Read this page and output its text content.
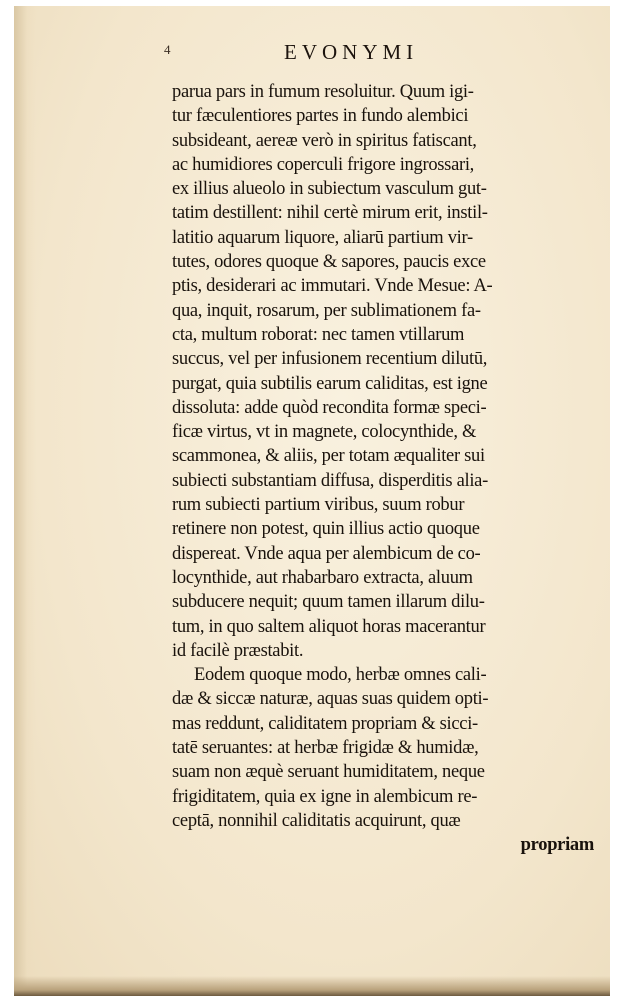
4	EVONYMI
parua pars in fumum resoluitur. Quum igi-
tur fæculentiores partes in fundo alembici
subsideant, aereæ verò in spiritus fatiscant,
ac humidiores coperculi frigore ingrossari,
ex illius alueolo in subiectum vasculum gut-
tatim destillent: nihil certè mirum erit, instil-
latitio aquarum liquore, aliarū partium vir-
tutes, odores quoque & sapores, paucis exce
ptis, desiderari ac immutari. Vnde Mesue: A-
qua, inquit, rosarum, per sublimationem fa-
cta, multum roborat: nec tamen vtillarum
succus, vel per infusionem recentium dilutū,
purgat, quia subtilis earum caliditas, est igne
dissoluta: adde quòd recondita formæ speci-
ficæ virtus, vt in magnete, colocynthide, &
scammonea, & aliis, per totam æqualiter sui
subiecti substantiam diffusa, disperditis alia-
rum subiecti partium viribus, suum robur
retinere non potest, quin illius actio quoque
dispereat. Vnde aqua per alembicum de co-
locynthide, aut rhabarbaro extracta, aluum
subducere nequit; quum tamen illarum dilu-
tum, in quo saltem aliquot horas macerantur
id facilè præstabit.
Eodem quoque modo, herbæ omnes cali-
dæ & siccæ naturæ, aquas suas quidem opti-
mas reddunt, caliditatem propriam & sicci-
tatē seruantes: at herbæ frigidæ & humidæ,
suam non æquè seruant humiditatem, neque
frigiditatem, quia ex igne in alembicum re-
ceptā, nonnihil caliditatis acquirunt, quæ
propriam
